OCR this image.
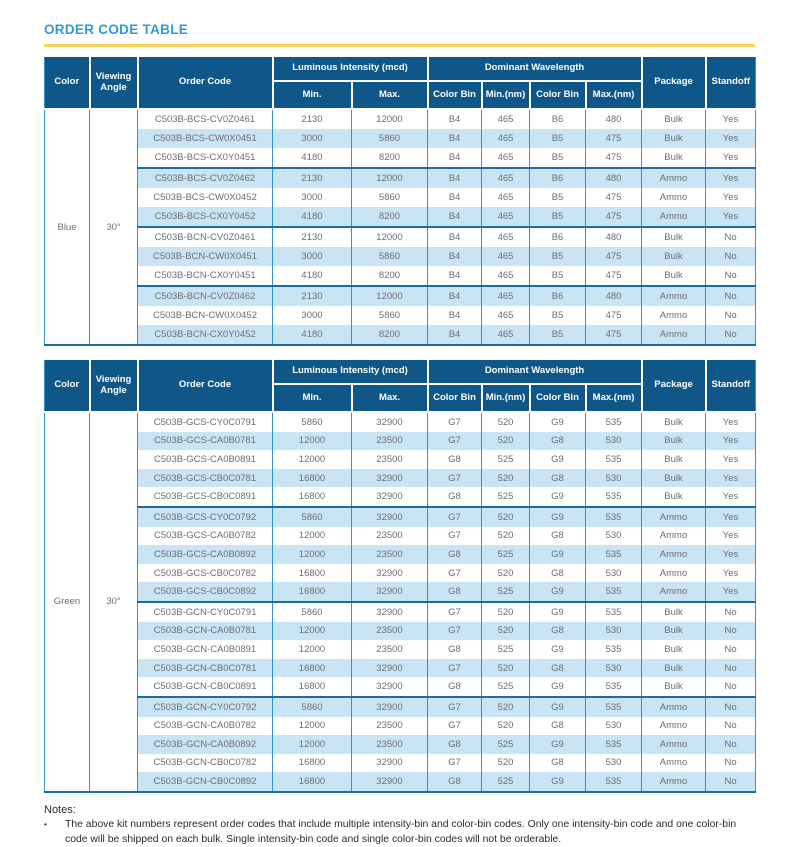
ORDER CODE TABLE
Color	Viewing Angle	Order Code	Luminous Intensity (mcd)		Dominant Wavelength				Package	Standoff
			Min.	Max.	Color Bin	Min.(nm)	Color Bin	Max.(nm)		
Blue	30°	C503B-BCS-CV0Z0461	2130	12000	B4	465	B6	480	Bulk	Yes
		C503B-BCS-CW0X0451	3000	5860	B4	465	B5	475	Bulk	Yes
		C503B-BCS-CX0Y0451	4180	8200	B4	465	B5	475	Bulk	Yes
		C503B-BCS-CV0Z0462	2130	12000	B4	465	B6	480	Ammo	Yes
		C503B-BCS-CW0X0452	3000	5860	B4	465	B5	475	Ammo	Yes
		C503B-BCS-CX0Y0452	4180	8200	B4	465	B5	475	Ammo	Yes
		C503B-BCN-CV0Z0461	2130	12000	B4	465	B6	480	Bulk	No
		C503B-BCN-CW0X0451	3000	5860	B4	465	B5	475	Bulk	No
		C503B-BCN-CX0Y0451	4180	8200	B4	465	B5	475	Bulk	No
		C503B-BCN-CV0Z0462	2130	12000	B4	465	B6	480	Ammo	No
		C503B-BCN-CW0X0452	3000	5860	B4	465	B5	475	Ammo	No
		C503B-BCN-CX0Y0452	4180	8200	B4	465	B5	475	Ammo	No
Color	Viewing Angle	Order Code	Luminous Intensity (mcd)		Dominant Wavelength				Package	Standoff
			Min.	Max.	Color Bin	Min.(nm)	Color Bin	Max.(nm)		
Green	30°	C503B-GCS-CY0C0791	5860	32900	G7	520	G9	535	Bulk	Yes
		C503B-GCS-CA0B0781	12000	23500	G7	520	G8	530	Bulk	Yes
		C503B-GCS-CA0B0891	12000	23500	G8	525	G9	535	Bulk	Yes
		C503B-GCS-CB0C0781	16800	32900	G7	520	G8	530	Bulk	Yes
		C503B-GCS-CB0C0891	16800	32900	G8	525	G9	535	Bulk	Yes
		C503B-GCS-CY0C0792	5860	32900	G7	520	G9	535	Ammo	Yes
		C503B-GCS-CA0B0782	12000	23500	G7	520	G8	530	Ammo	Yes
		C503B-GCS-CA0B0892	12000	23500	G8	525	G9	535	Ammo	Yes
		C503B-GCS-CB0C0782	16800	32900	G7	520	G8	530	Ammo	Yes
		C503B-GCS-CB0C0892	16800	32900	G8	525	G9	535	Ammo	Yes
		C503B-GCN-CY0C0791	5860	32900	G7	520	G9	535	Bulk	No
		C503B-GCN-CA0B0781	12000	23500	G7	520	G8	530	Bulk	No
		C503B-GCN-CA0B0891	12000	23500	G8	525	G9	535	Bulk	No
		C503B-GCN-CB0C0781	16800	32900	G7	520	G8	530	Bulk	No
		C503B-GCN-CB0C0891	16800	32900	G8	525	G9	535	Bulk	No
		C503B-GCN-CY0C0792	5860	32900	G7	520	G9	535	Ammo	No
		C503B-GCN-CA0B0782	12000	23500	G7	520	G8	530	Ammo	No
		C503B-GCN-CA0B0892	12000	23500	G8	525	G9	535	Ammo	No
		C503B-GCN-CB0C0782	16800	32900	G7	520	G8	530	Ammo	No
		C503B-GCN-CB0C0892	16800	32900	G8	525	G9	535	Ammo	No
Notes:
•	The above kit numbers represent order codes that include multiple intensity-bin and color-bin codes. Only one intensity-bin code and one color-bin code will be shipped on each bulk. Single intensity-bin code and single color-bin codes will not be orderable.
